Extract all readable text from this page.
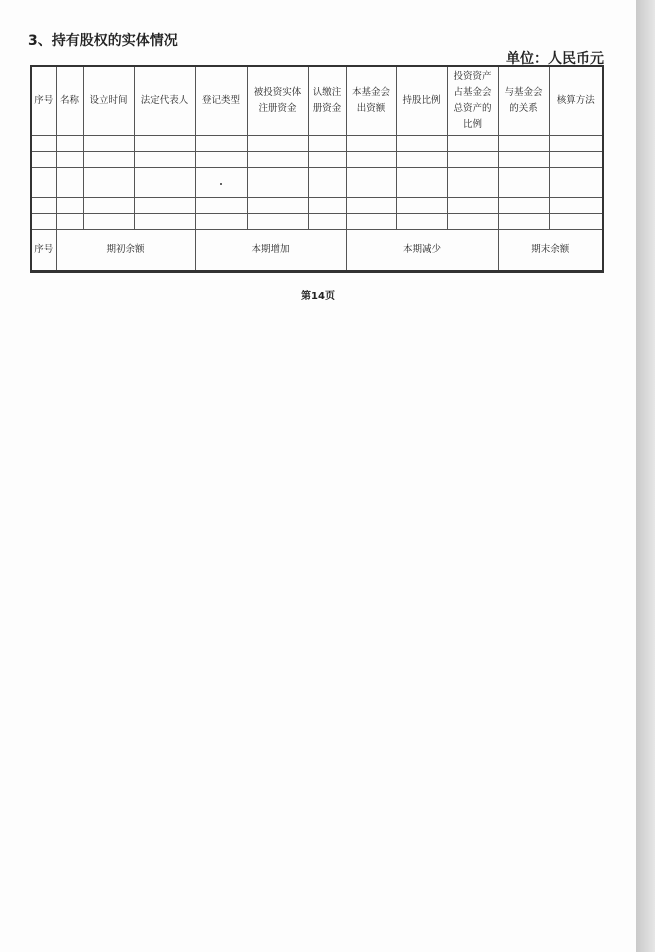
3、持有股权的实体情况
单位：人民币元
序号	名称	设立时间	法定代表人	登记类型	被投资实体注册资金	认缴注册资金	本基金会出资额	持股比例	投资资产占基金会总资产的比例	与基金会的关系	核算方法

序号	期初余额			本期增加			本期减少			期末余额	
第14页
